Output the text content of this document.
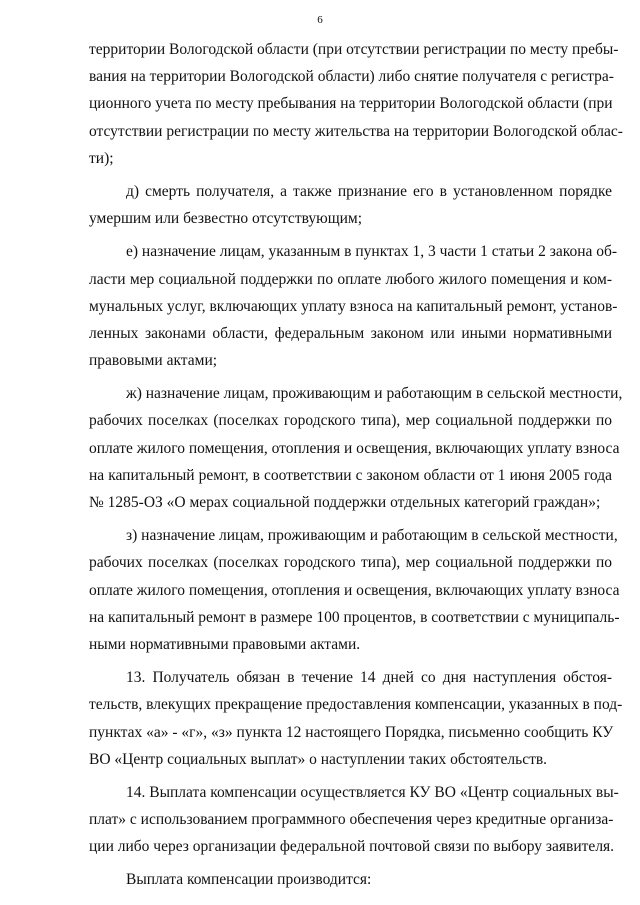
6
территории Вологодской области (при отсутствии регистрации по месту пребы-
вания на территории Вологодской области) либо снятие получателя с регистра-
ционного учета по месту пребывания на территории Вологодской области (при
отсутствии регистрации по месту жительства на территории Вологодской облас-
ти);
д) смерть получателя, а также признание его в установленном порядке
умершим или безвестно отсутствующим;
е) назначение лицам, указанным в пунктах 1, 3 части 1 статьи 2 закона об-
ласти мер социальной поддержки по оплате любого жилого помещения и ком-
мунальных услуг, включающих уплату взноса на капитальный ремонт, установ-
ленных законами области, федеральным законом или иными нормативными
правовыми актами;
ж) назначение лицам, проживающим и работающим в сельской местности,
рабочих поселках (поселках городского типа), мер социальной поддержки по
оплате жилого помещения, отопления и освещения, включающих уплату взноса
на капитальный ремонт, в соответствии с законом области от 1 июня 2005 года
№ 1285-ОЗ «О мерах социальной поддержки отдельных категорий граждан»;
з) назначение лицам, проживающим и работающим в сельской местности,
рабочих поселках (поселках городского типа), мер социальной поддержки по
оплате жилого помещения, отопления и освещения, включающих уплату взноса
на капитальный ремонт в размере 100 процентов, в соответствии с муниципаль-
ными нормативными правовыми актами.
13. Получатель обязан в течение 14 дней со дня наступления обстоя-
тельств, влекущих прекращение предоставления компенсации, указанных в под-
пунктах «а» - «г», «з» пункта 12 настоящего Порядка, письменно сообщить КУ
ВО «Центр социальных выплат» о наступлении таких обстоятельств.
14. Выплата компенсации осуществляется КУ ВО «Центр социальных вы-
плат» с использованием программного обеспечения через кредитные организа-
ции либо через организации федеральной почтовой связи по выбору заявителя.
Выплата компенсации производится:
